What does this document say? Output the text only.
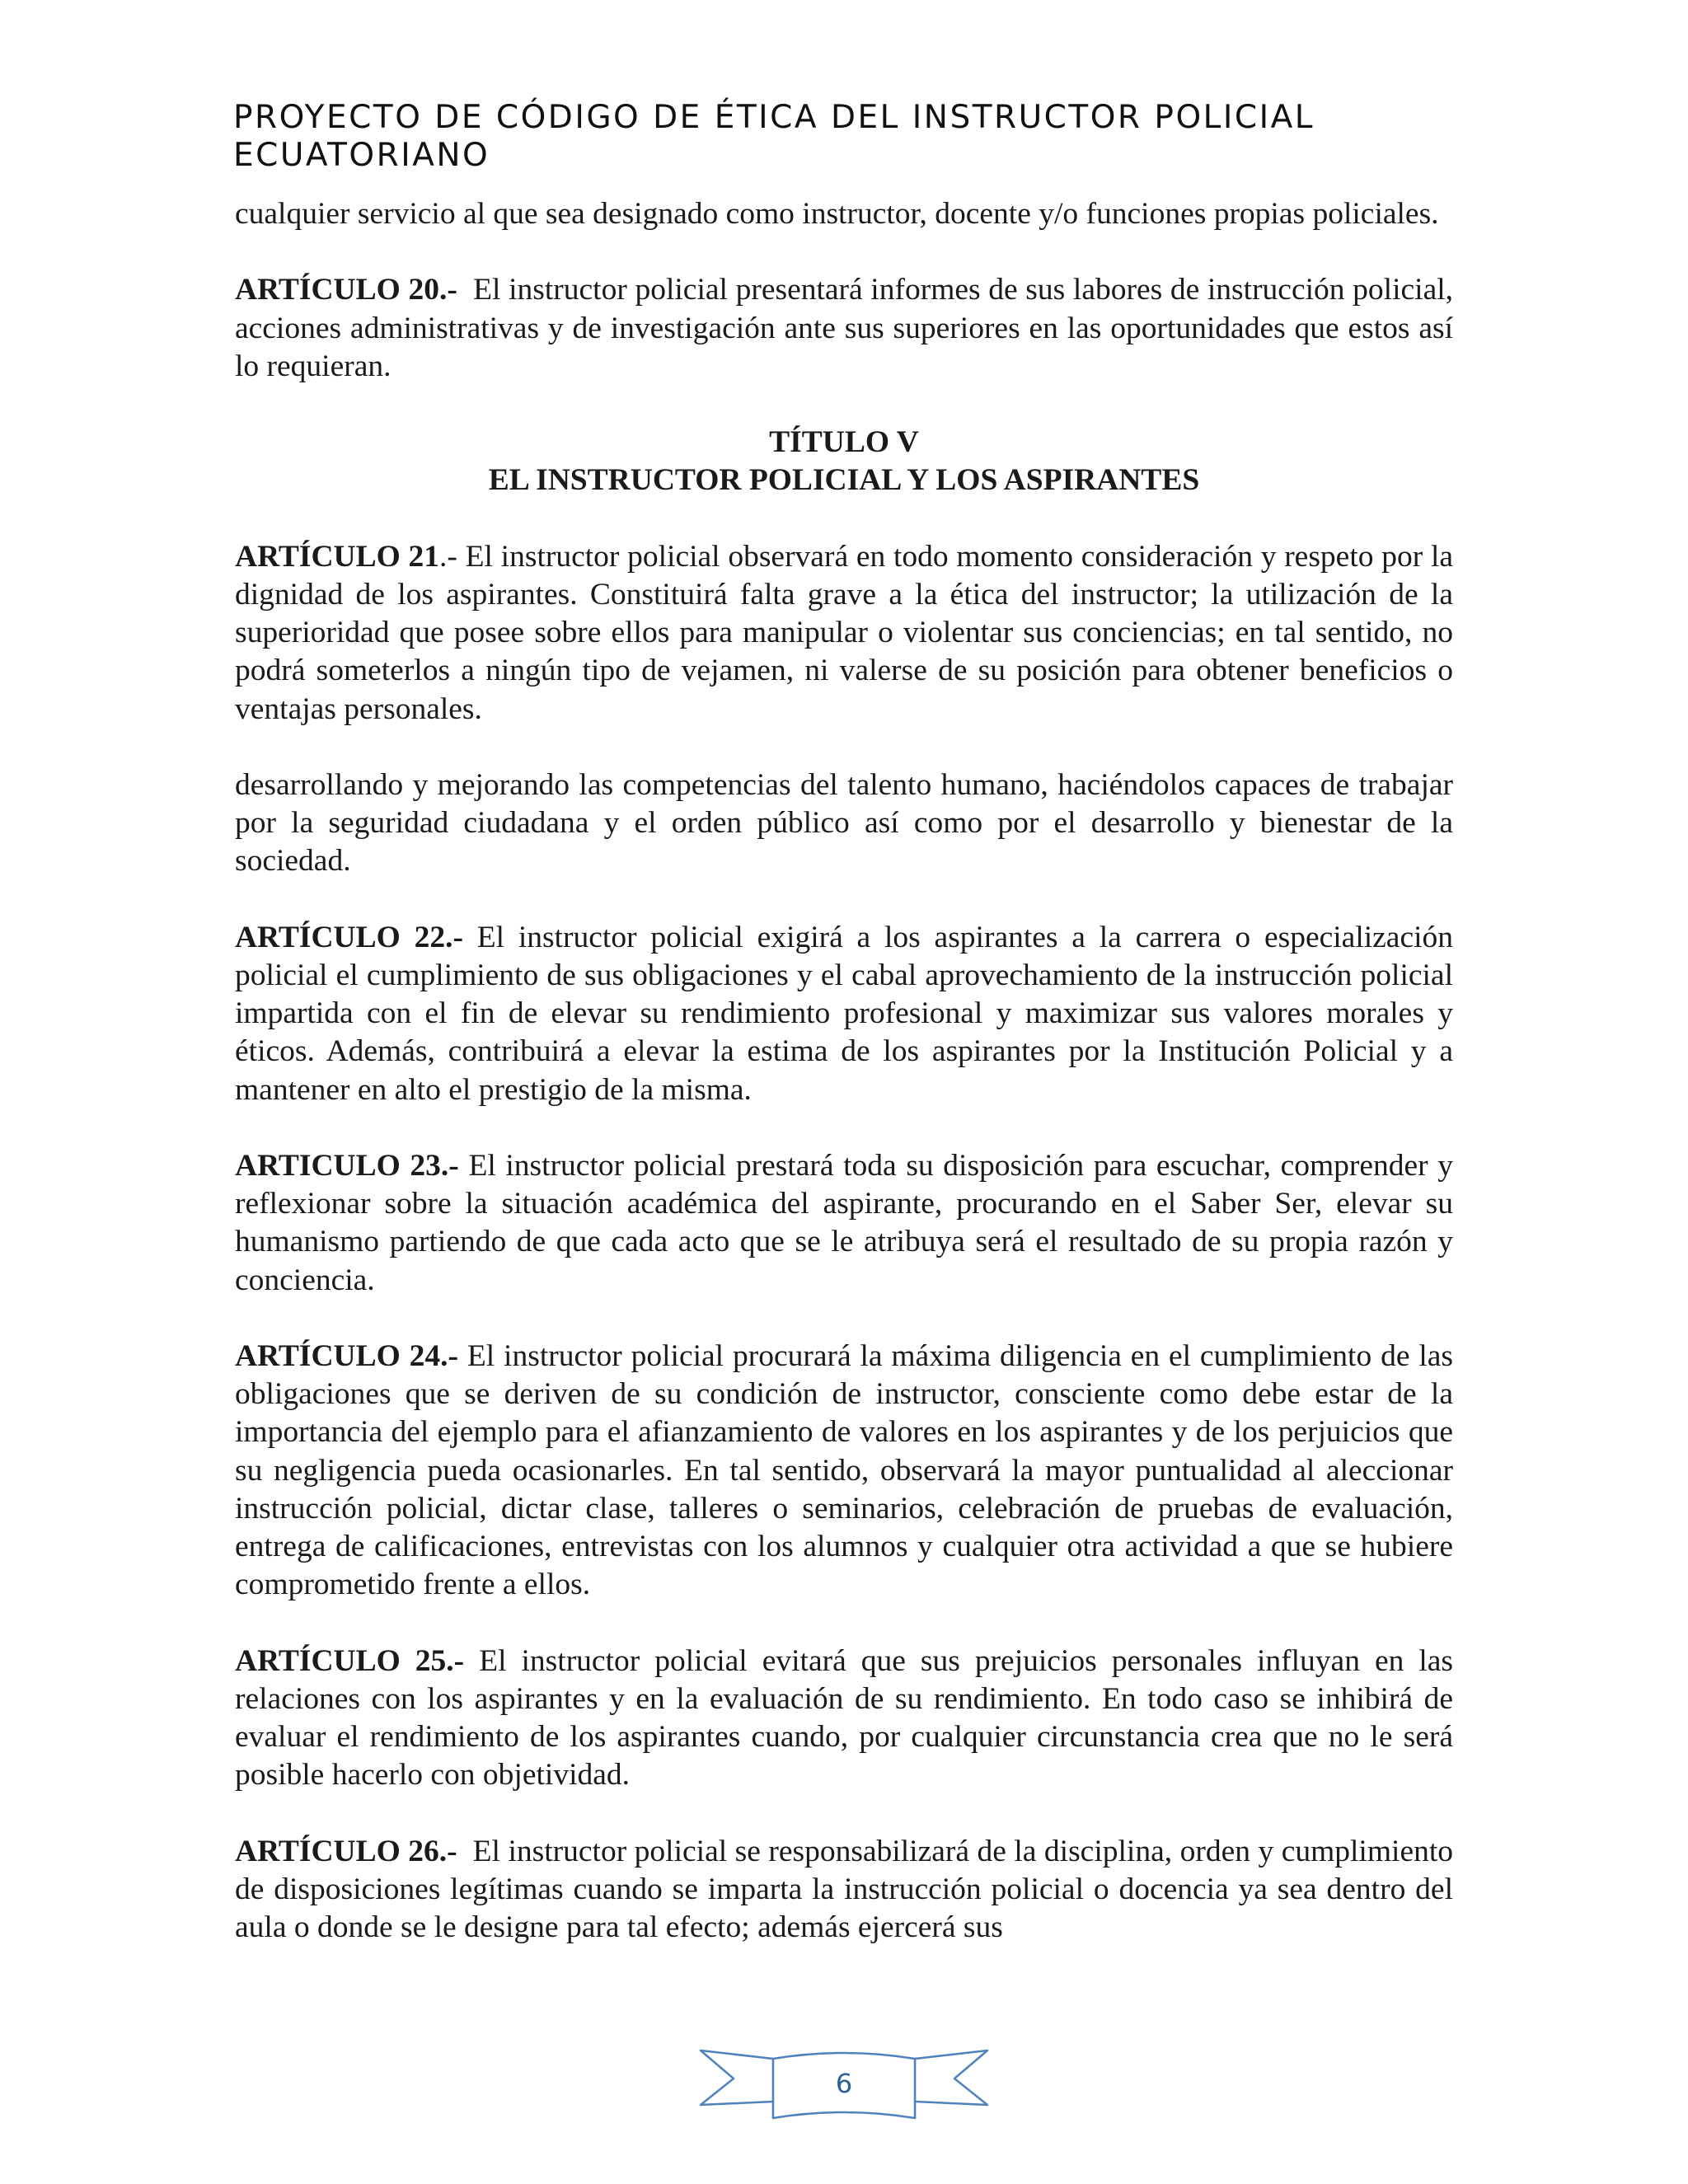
PROYECTO DE CÓDIGO DE ÉTICA DEL INSTRUCTOR POLICIAL
ECUATORIANO

cualquier servicio al que sea designado como instructor, docente y/o funciones propias policiales.

ARTÍCULO 20.- El instructor policial presentará informes de sus labores de instrucción policial, acciones administrativas y de investigación ante sus superiores en las oportunidades que estos así lo requieran.

TÍTULO V
EL INSTRUCTOR POLICIAL Y LOS ASPIRANTES

ARTÍCULO 21.- El instructor policial observará en todo momento consideración y respeto por la dignidad de los aspirantes. Constituirá falta grave a la ética del instructor; la utilización de la superioridad que posee sobre ellos para manipular o violentar sus conciencias; en tal sentido, no podrá someterlos a ningún tipo de vejamen, ni valerse de su posición para obtener beneficios o ventajas personales.

desarrollando y mejorando las competencias del talento humano, haciéndolos capaces de trabajar por la seguridad ciudadana y el orden público así como por el desarrollo y bienestar de la sociedad.

ARTÍCULO 22.- El instructor policial exigirá a los aspirantes a la carrera o especialización policial el cumplimiento de sus obligaciones y el cabal aprovechamiento de la instrucción policial impartida con el fin de elevar su rendimiento profesional y maximizar sus valores morales y éticos. Además, contribuirá a elevar la estima de los aspirantes por la Institución Policial y a mantener en alto el prestigio de la misma.

ARTICULO 23.- El instructor policial prestará toda su disposición para escuchar, comprender y reflexionar sobre la situación académica del aspirante, procurando en el Saber Ser, elevar su humanismo partiendo de que cada acto que se le atribuya será el resultado de su propia razón y conciencia.

ARTÍCULO 24.- El instructor policial procurará la máxima diligencia en el cumplimiento de las obligaciones que se deriven de su condición de instructor, consciente como debe estar de la importancia del ejemplo para el afianzamiento de valores en los aspirantes y de los perjuicios que su negligencia pueda ocasionarles. En tal sentido, observará la mayor puntualidad al aleccionar instrucción policial, dictar clase, talleres o seminarios, celebración de pruebas de evaluación, entrega de calificaciones, entrevistas con los alumnos y cualquier otra actividad a que se hubiere comprometido frente a ellos.

ARTÍCULO 25.- El instructor policial evitará que sus prejuicios personales influyan en las relaciones con los aspirantes y en la evaluación de su rendimiento. En todo caso se inhibirá de evaluar el rendimiento de los aspirantes cuando, por cualquier circunstancia crea que no le será posible hacerlo con objetividad.

ARTÍCULO 26.- El instructor policial se responsabilizará de la disciplina, orden y cumplimiento de disposiciones legítimas cuando se imparta la instrucción policial o docencia ya sea dentro del aula o donde se le designe para tal efecto; además ejercerá sus

6
